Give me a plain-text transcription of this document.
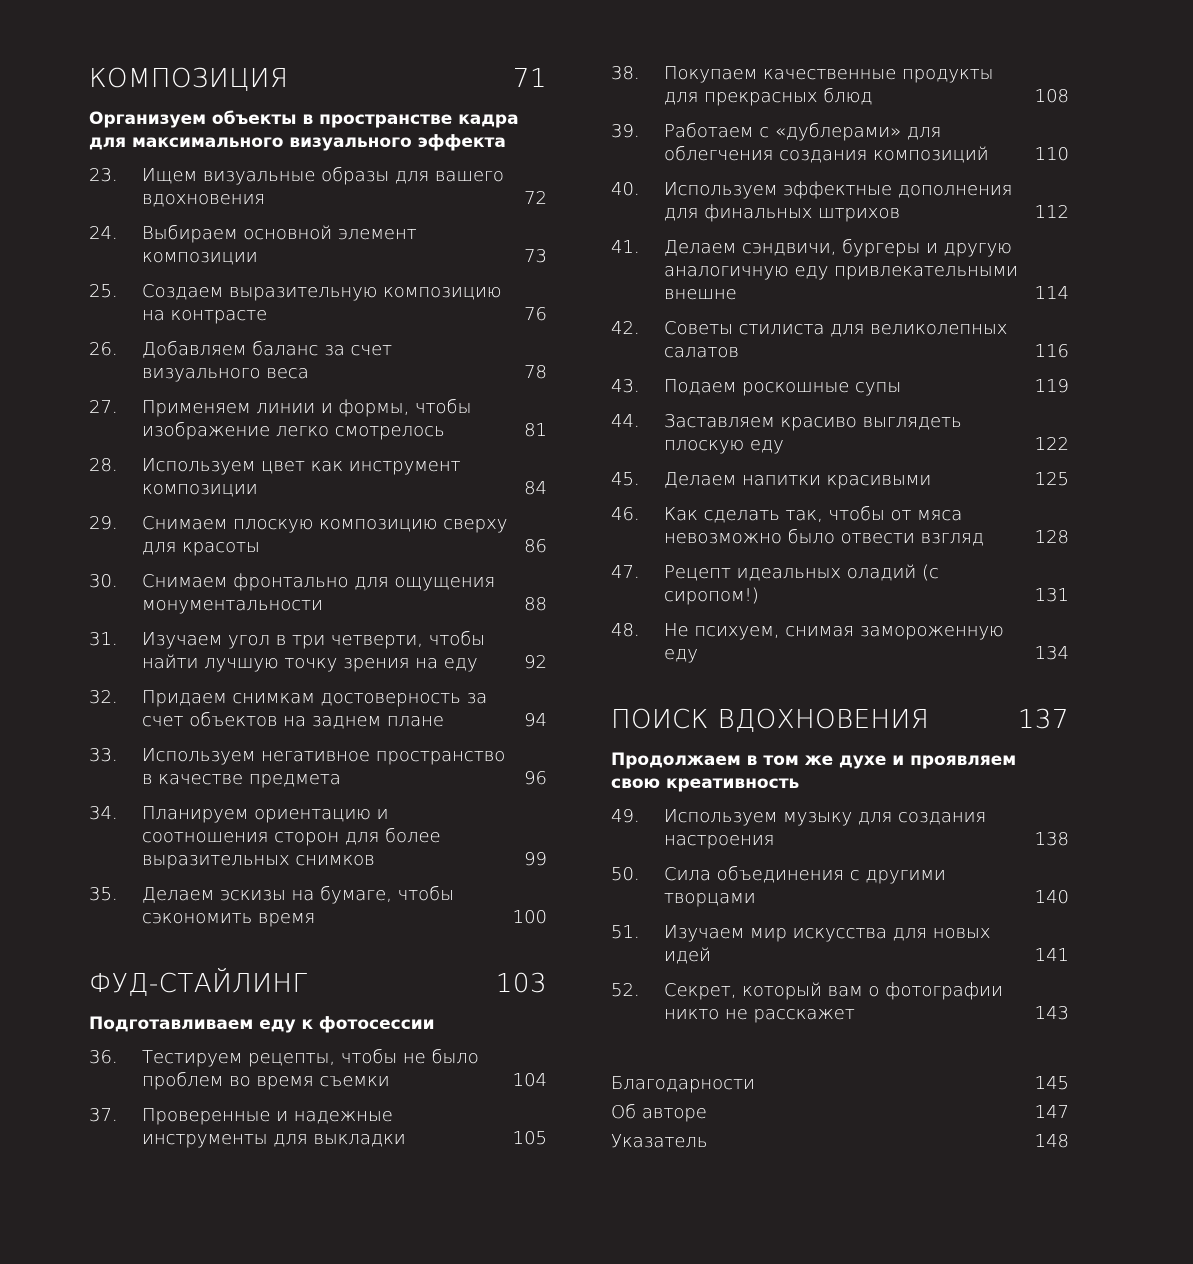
КОМПОЗИЦИЯ	71
Организуем объекты в пространстве кадра для максимального визуального эффекта
23.	Ищем визуальные образы для вашего вдохновения	72
24.	Выбираем основной элемент композиции	73
25.	Создаем выразительную композицию на контрасте	76
26.	Добавляем баланс за счет визуального веса	78
27.	Применяем линии и формы, чтобы изображение легко смотрелось	81
28.	Используем цвет как инструмент композиции	84
29.	Снимаем плоскую композицию сверху для красоты	86
30.	Снимаем фронтально для ощущения монументальности	88
31.	Изучаем угол в три четверти, чтобы найти лучшую точку зрения на еду	92
32.	Придаем снимкам достоверность за счет объектов на заднем плане	94
33.	Используем негативное пространство в качестве предмета	96
34.	Планируем ориентацию и соотношения сторон для более выразительных снимков	99
35.	Делаем эскизы на бумаге, чтобы сэкономить время	100
ФУД-СТАЙЛИНГ	103
Подготавливаем еду к фотосессии
36.	Тестируем рецепты, чтобы не было проблем во время съемки	104
37.	Проверенные и надежные инструменты для выкладки	105
38.	Покупаем качественные продукты для прекрасных блюд	108
39.	Работаем с «дублерами» для облегчения создания композиций	110
40.	Используем эффектные дополнения для финальных штрихов	112
41.	Делаем сэндвичи, бургеры и другую аналогичную еду привлекательными внешне	114
42.	Советы стилиста для великолепных салатов	116
43.	Подаем роскошные супы	119
44.	Заставляем красиво выглядеть плоскую еду	122
45.	Делаем напитки красивыми	125
46.	Как сделать так, чтобы от мяса невозможно было отвести взгляд	128
47.	Рецепт идеальных оладий (с сиропом!)	131
48.	Не психуем, снимая замороженную еду	134
ПОИСК ВДОХНОВЕНИЯ	137
Продолжаем в том же духе и проявляем свою креативность
49.	Используем музыку для создания настроения	138
50.	Сила объединения с другими творцами	140
51.	Изучаем мир искусства для новых идей	141
52.	Секрет, который вам о фотографии никто не расскажет	143
Благодарности	145
Об авторе	147
Указатель	148
